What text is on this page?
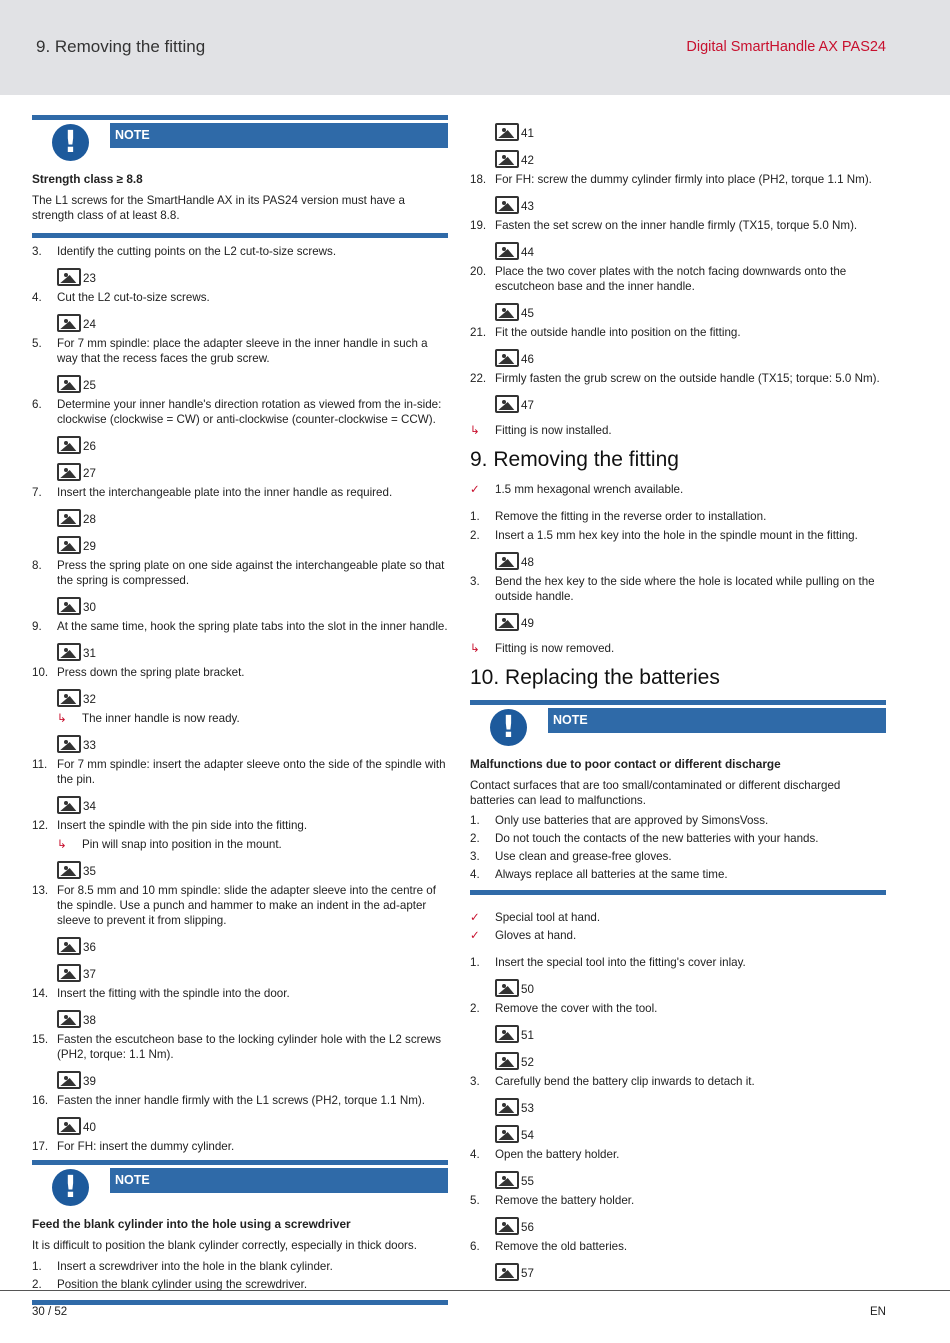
9. Removing the fitting	Digital SmartHandle AX PAS24
!	NOTE
Strength class ≥ 8.8
The L1 screws for the SmartHandle AX in its PAS24 version must have a strength class of at least 8.8.
3. Identify the cutting points on the L2 cut-to-size screws.
23
4. Cut the L2 cut-to-size screws.
24
5. For 7 mm spindle: place the adapter sleeve in the inner handle in such a way that the recess faces the grub screw.
25
6. Determine your inner handle's direction rotation as viewed from the in-side: clockwise (clockwise = CW) or anti-clockwise (counter-clockwise = CCW).
26
27
7. Insert the interchangeable plate into the inner handle as required.
28
29
8. Press the spring plate on one side against the interchangeable plate so that the spring is compressed.
30
9. At the same time, hook the spring plate tabs into the slot in the inner handle.
31
10. Press down the spring plate bracket.
32
↳ The inner handle is now ready.
33
11. For 7 mm spindle: insert the adapter sleeve onto the side of the spindle with the pin.
34
12. Insert the spindle with the pin side into the fitting.
↳ Pin will snap into position in the mount.
35
13. For 8.5 mm and 10 mm spindle: slide the adapter sleeve into the centre of the spindle. Use a punch and hammer to make an indent in the ad-apter sleeve to prevent it from slipping.
36
37
14. Insert the fitting with the spindle into the door.
38
15. Fasten the escutcheon base to the locking cylinder hole with the L2 screws (PH2, torque: 1.1 Nm).
39
16. Fasten the inner handle firmly with the L1 screws (PH2, torque 1.1 Nm).
40
17. For FH: insert the dummy cylinder.
!	NOTE
Feed the blank cylinder into the hole using a screwdriver
It is difficult to position the blank cylinder correctly, especially in thick doors.
1. Insert a screwdriver into the hole in the blank cylinder.
2. Position the blank cylinder using the screwdriver.
41
42
18. For FH: screw the dummy cylinder firmly into place (PH2, torque 1.1 Nm).
43
19. Fasten the set screw on the inner handle firmly (TX15, torque 5.0 Nm).
44
20. Place the two cover plates with the notch facing downwards onto the escutcheon base and the inner handle.
45
21. Fit the outside handle into position on the fitting.
46
22. Firmly fasten the grub screw on the outside handle (TX15; torque: 5.0 Nm).
47
↳ Fitting is now installed.
9. Removing the fitting
✓ 1.5 mm hexagonal wrench available.
1. Remove the fitting in the reverse order to installation.
2. Insert a 1.5 mm hex key into the hole in the spindle mount in the fitting.
48
3. Bend the hex key to the side where the hole is located while pulling on the outside handle.
49
↳ Fitting is now removed.
10. Replacing the batteries
!	NOTE
Malfunctions due to poor contact or different discharge
Contact surfaces that are too small/contaminated or different discharged batteries can lead to malfunctions.
1. Only use batteries that are approved by SimonsVoss.
2. Do not touch the contacts of the new batteries with your hands.
3. Use clean and grease-free gloves.
4. Always replace all batteries at the same time.
✓ Special tool at hand.
✓ Gloves at hand.
1. Insert the special tool into the fitting's cover inlay.
50
2. Remove the cover with the tool.
51
52
3. Carefully bend the battery clip inwards to detach it.
53
54
4. Open the battery holder.
55
5. Remove the battery holder.
56
6. Remove the old batteries.
57
30 / 52	EN
